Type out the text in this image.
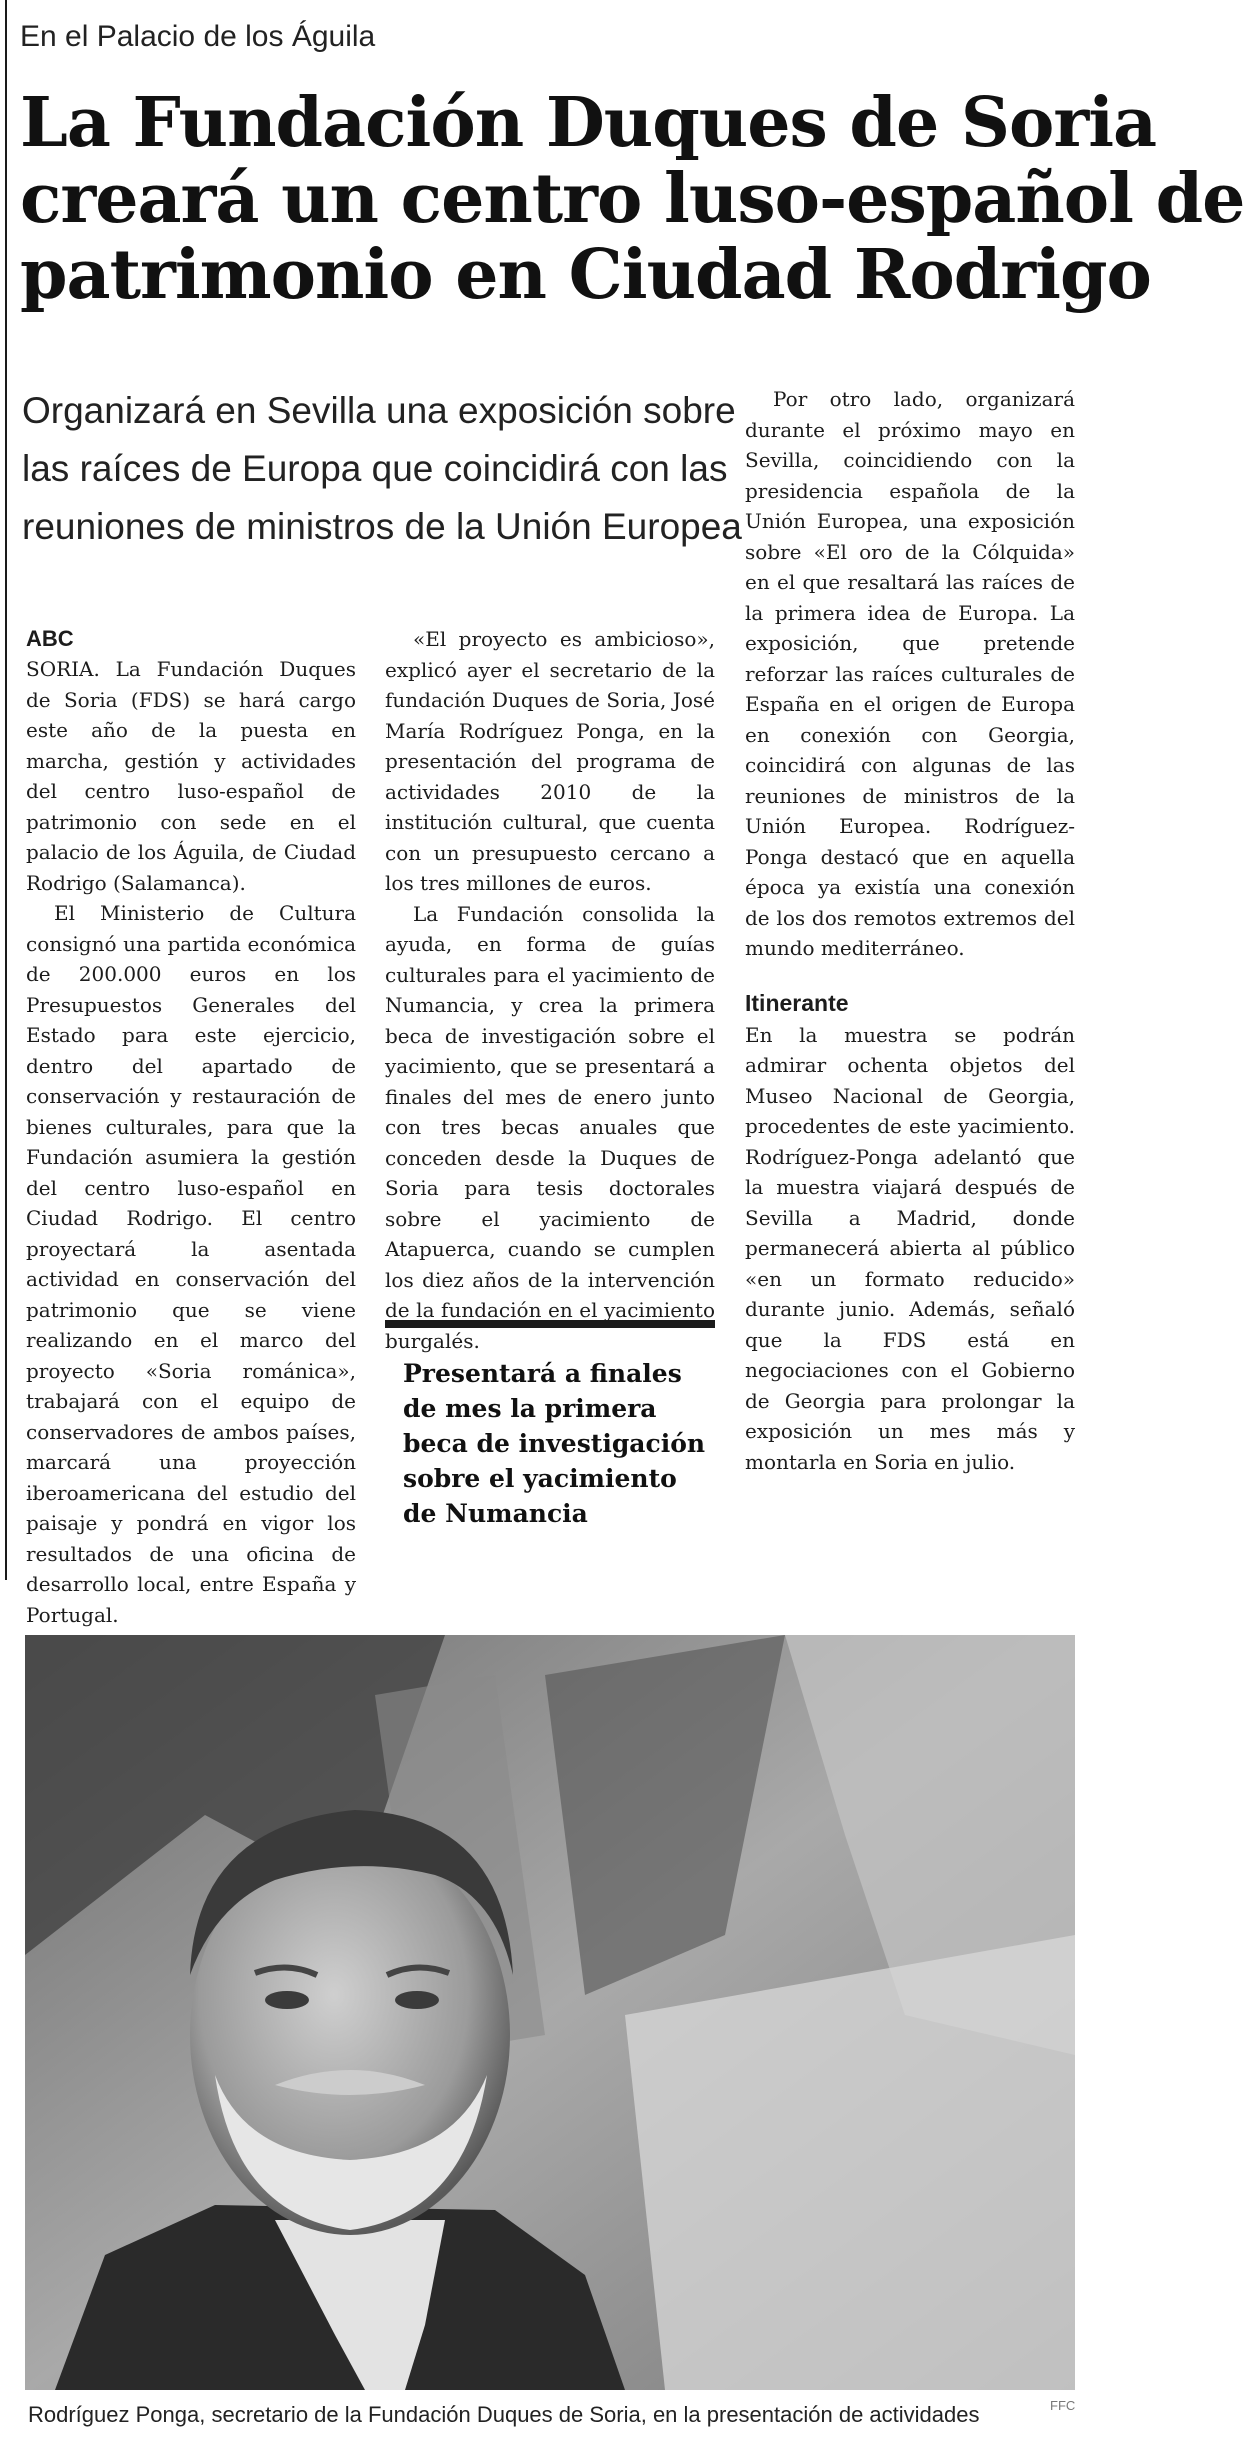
En el Palacio de los Águila
La Fundación Duques de Soria
creará un centro luso-español de
patrimonio en Ciudad Rodrigo
Organizará en Sevilla una exposición sobre
las raíces de Europa que coincidirá con las
reuniones de ministros de la Unión Europea
ABC

SORIA. La Fundación Duques de Soria (FDS) se hará cargo este año de la puesta en marcha, gestión y actividades del centro luso-español de patrimonio con sede en el palacio de los Águila, de Ciudad Rodrigo (Salamanca).

El Ministerio de Cultura consignó una partida económica de 200.000 euros en los Presupuestos Generales del Estado para este ejercicio, dentro del apartado de conservación y restauración de bienes culturales, para que la Fundación asumiera la gestión del centro luso-español en Ciudad Rodrigo. El centro proyectará la asentada actividad en conservación del patrimonio que se viene realizando en el marco del proyecto «Soria románica», trabajará con el equipo de conservadores de ambos países, marcará una proyección iberoamericana del estudio del paisaje y pondrá en vigor los resultados de una oficina de desarrollo local, entre España y Portugal.

«El proyecto es ambicioso», explicó ayer el secretario de la fundación Duques de Soria, José María Rodríguez Ponga, en la presentación del programa de actividades 2010 de la institución cultural, que cuenta con un presupuesto cercano a los tres millones de euros.

La Fundación consolida la ayuda, en forma de guías culturales para el yacimiento de Numancia, y crea la primera beca de investigación sobre el yacimiento, que se presentará a finales del mes de enero junto con tres becas anuales que conceden desde la Duques de Soria para tesis doctorales sobre el yacimiento de Atapuerca, cuando se cumplen los diez años de la intervención de la fundación en el yacimiento burgalés.

Presentará a finales
de mes la primera
beca de investigación
sobre el yacimiento
de Numancia

Por otro lado, organizará durante el próximo mayo en Sevilla, coincidiendo con la presidencia española de la Unión Europea, una exposición sobre «El oro de la Cólquida» en el que resaltará las raíces de la primera idea de Europa. La exposición, que pretende reforzar las raíces culturales de España en el origen de Europa en conexión con Georgia, coincidirá con algunas de las reuniones de ministros de la Unión Europea. Rodríguez-Ponga destacó que en aquella época ya existía una conexión de los dos remotos extremos del mundo mediterráneo.

Itinerante

En la muestra se podrán admirar ochenta objetos del Museo Nacional de Georgia, procedentes de este yacimiento. Rodríguez-Ponga adelantó que la muestra viajará después de Sevilla a Madrid, donde permanecerá abierta al público «en un formato reducido» durante junio. Además, señaló que la FDS está en negociaciones con el Gobierno de Georgia para prolongar la exposición un mes más y montarla en Soria en julio.

Rodríguez Ponga, secretario de la Fundación Duques de Soria, en la presentación de actividades	FFC
